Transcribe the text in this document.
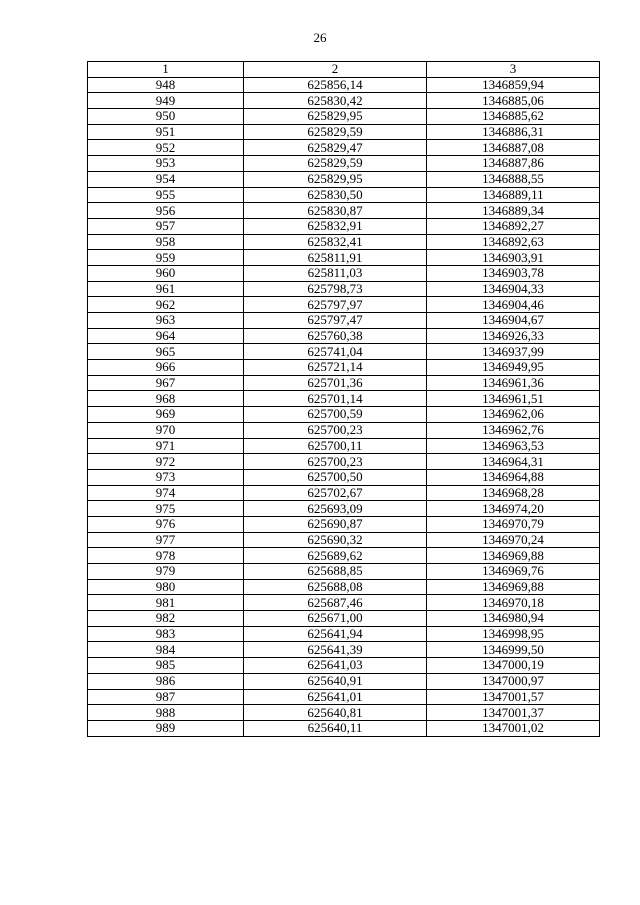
26
1	2	3
948	625856,14	1346859,94
949	625830,42	1346885,06
950	625829,95	1346885,62
951	625829,59	1346886,31
952	625829,47	1346887,08
953	625829,59	1346887,86
954	625829,95	1346888,55
955	625830,50	1346889,11
956	625830,87	1346889,34
957	625832,91	1346892,27
958	625832,41	1346892,63
959	625811,91	1346903,91
960	625811,03	1346903,78
961	625798,73	1346904,33
962	625797,97	1346904,46
963	625797,47	1346904,67
964	625760,38	1346926,33
965	625741,04	1346937,99
966	625721,14	1346949,95
967	625701,36	1346961,36
968	625701,14	1346961,51
969	625700,59	1346962,06
970	625700,23	1346962,76
971	625700,11	1346963,53
972	625700,23	1346964,31
973	625700,50	1346964,88
974	625702,67	1346968,28
975	625693,09	1346974,20
976	625690,87	1346970,79
977	625690,32	1346970,24
978	625689,62	1346969,88
979	625688,85	1346969,76
980	625688,08	1346969,88
981	625687,46	1346970,18
982	625671,00	1346980,94
983	625641,94	1346998,95
984	625641,39	1346999,50
985	625641,03	1347000,19
986	625640,91	1347000,97
987	625641,01	1347001,57
988	625640,81	1347001,37
989	625640,11	1347001,02
